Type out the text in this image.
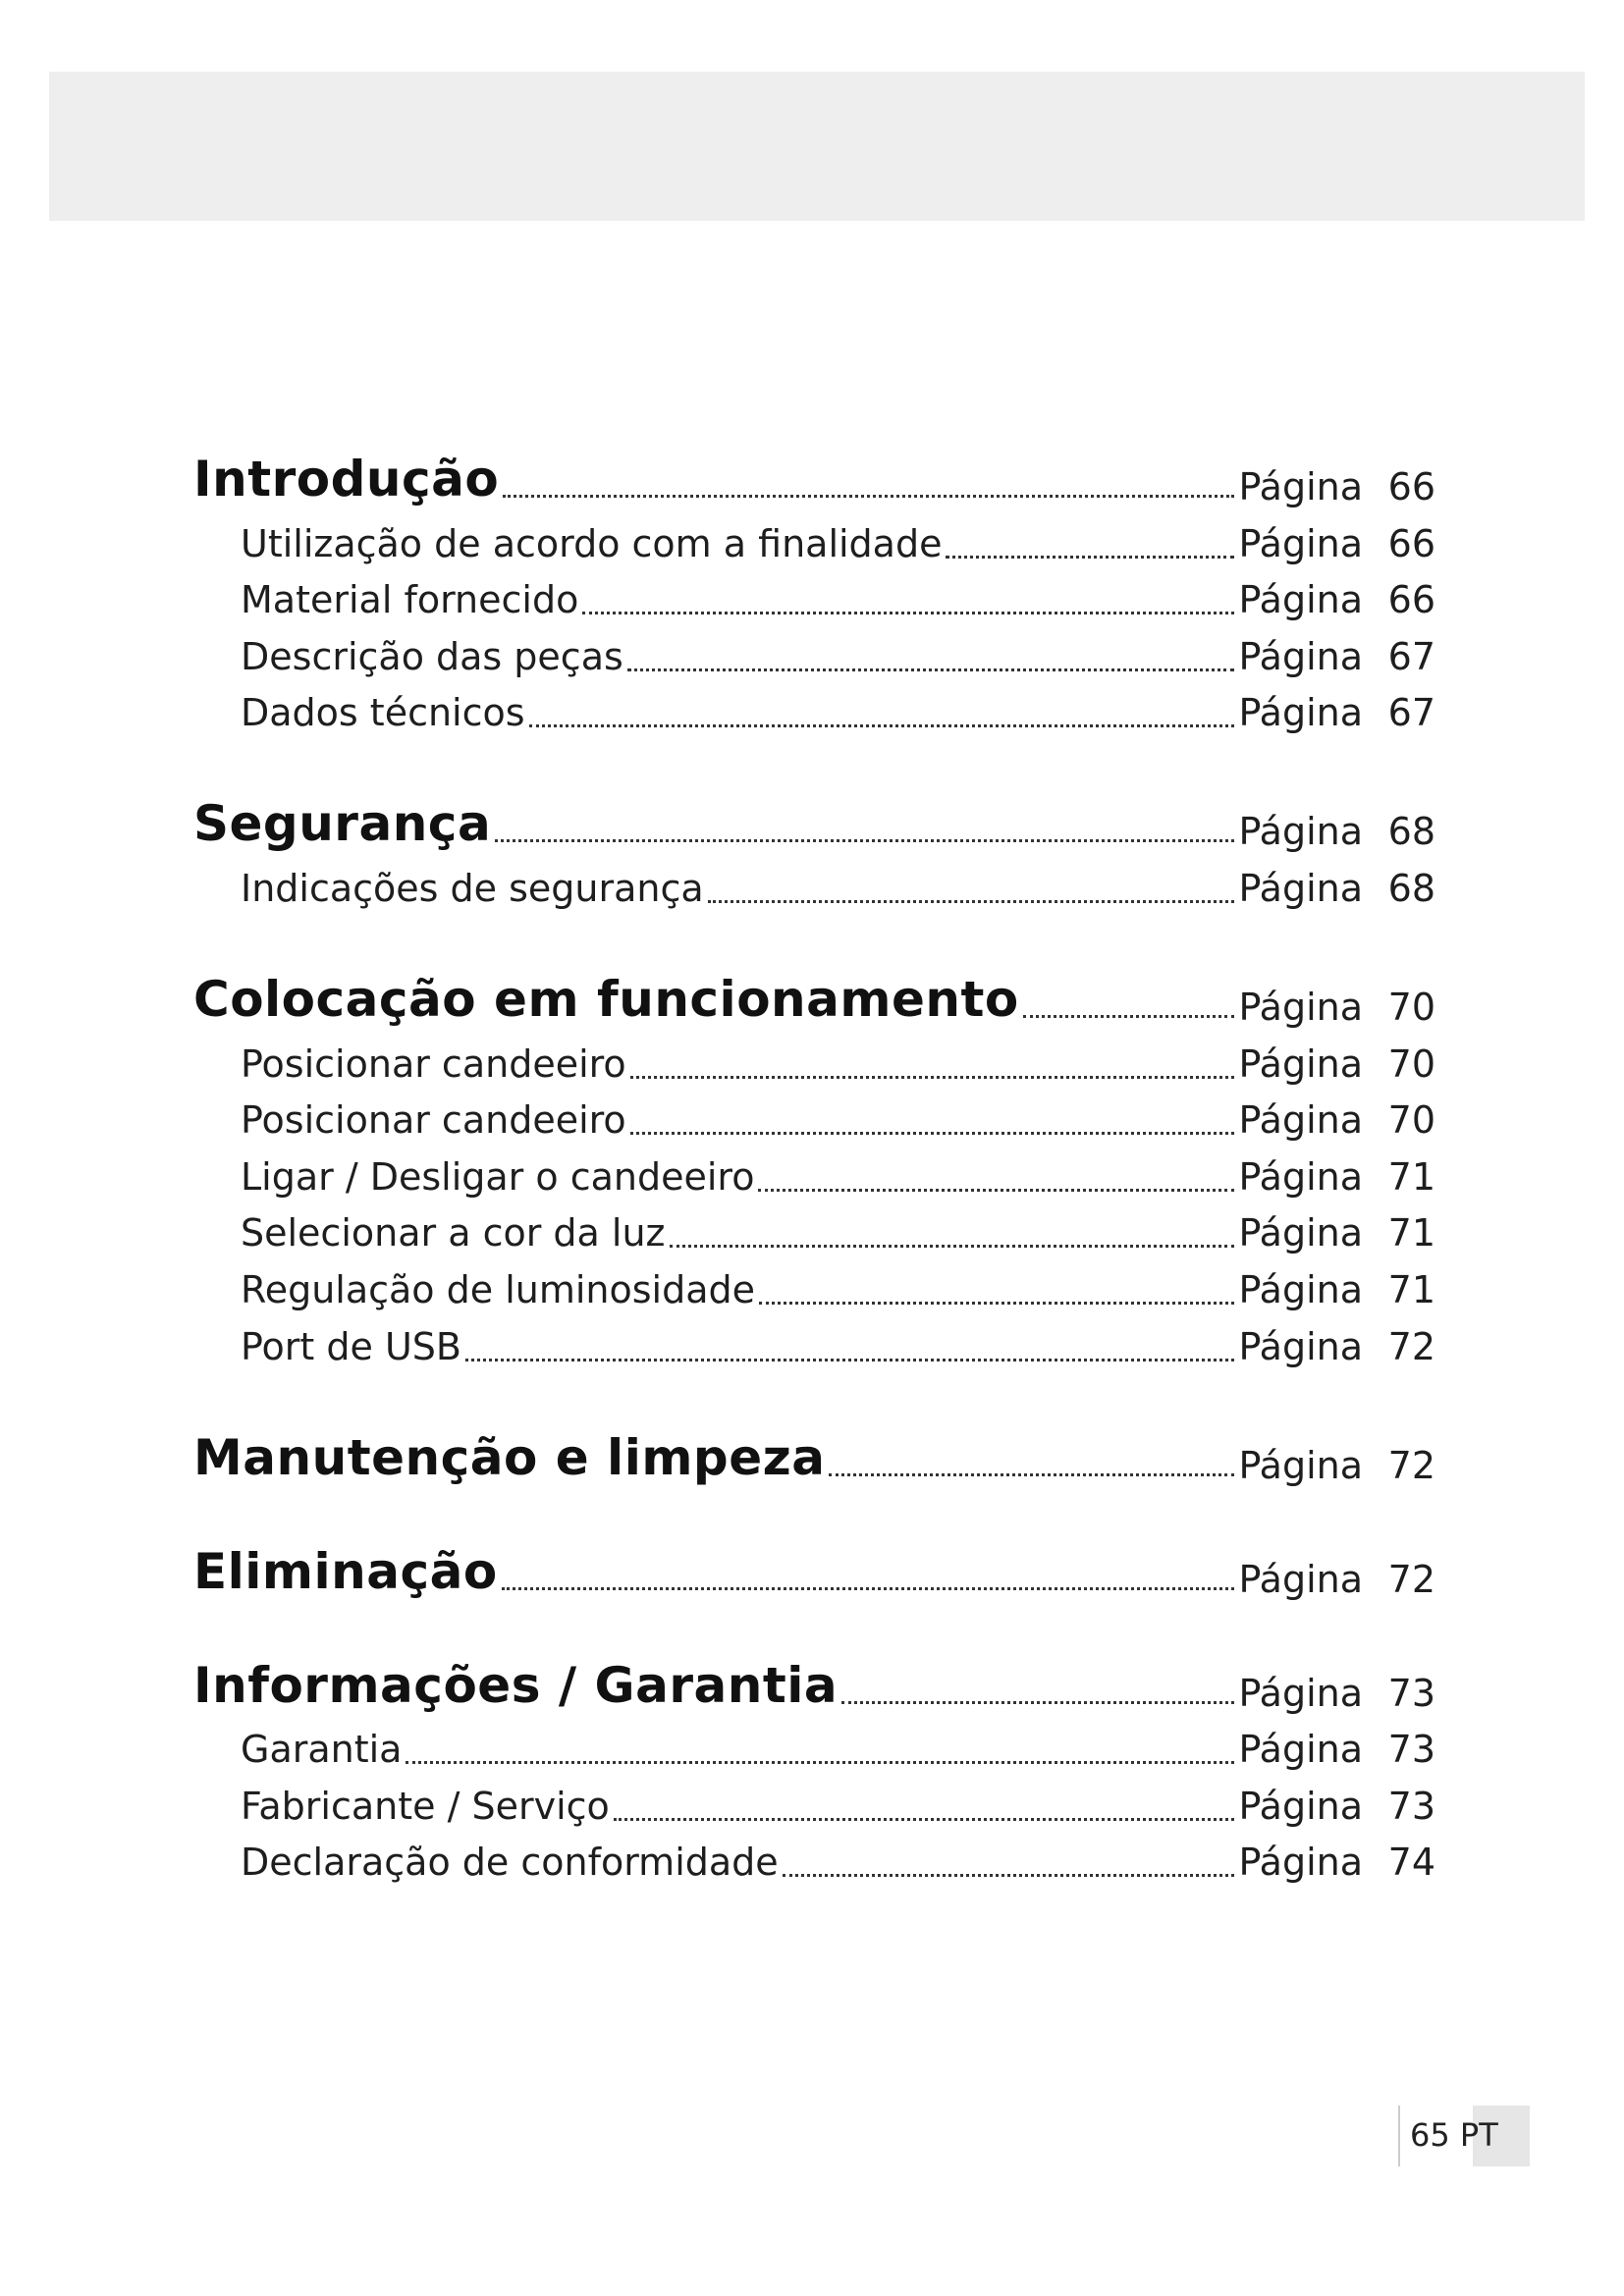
Introdução	Página 66
Utilização de acordo com a finalidade	Página 66
Material fornecido	Página 66
Descrição das peças	Página 67
Dados técnicos	Página 67
Segurança	Página 68
Indicações de segurança	Página 68
Colocação em funcionamento	Página 70
Posicionar candeeiro	Página 70
Posicionar candeeiro	Página 70
Ligar / Desligar o candeeiro	Página 71
Selecionar a cor da luz	Página 71
Regulação de luminosidade	Página 71
Port de USB	Página 72
Manutenção e limpeza	Página 72
Eliminação	Página 72
Informações / Garantia	Página 73
Garantia	Página 73
Fabricante / Serviço	Página 73
Declaração de conformidade	Página 74
65 PT
